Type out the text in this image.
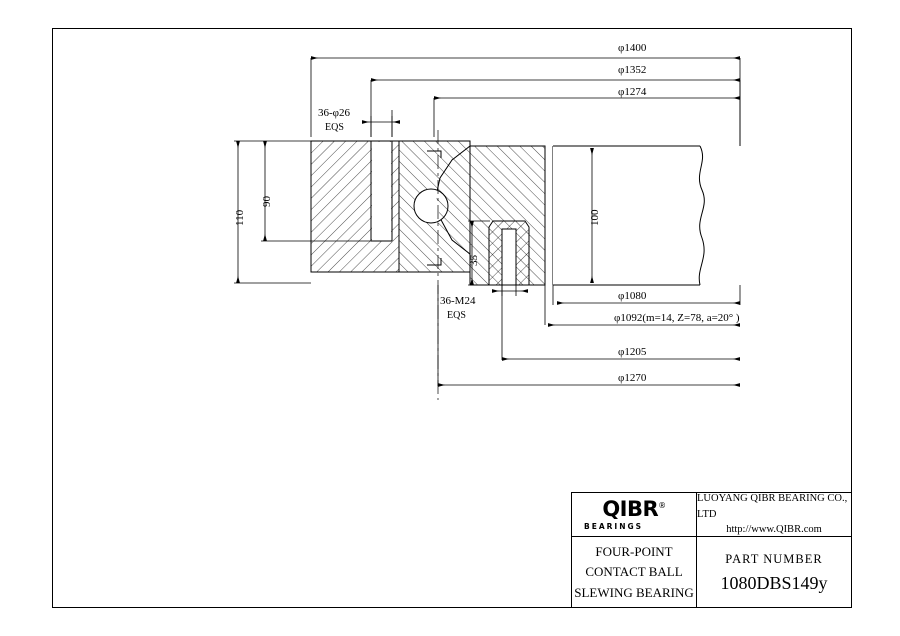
φ1400
φ1352
φ1274
36-φ26
EQS
110
90
100
35
36-M24
EQS
φ1080
φ1092(m=14, Z=78, a=20° )
φ1205
φ1270
QIBR®
BEARINGS
LUOYANG QIBR BEARING CO., LTD
http://www.QIBR.com
FOUR-POINT
CONTACT BALL
SLEWING BEARING
PART NUMBER
1080DBS149y
